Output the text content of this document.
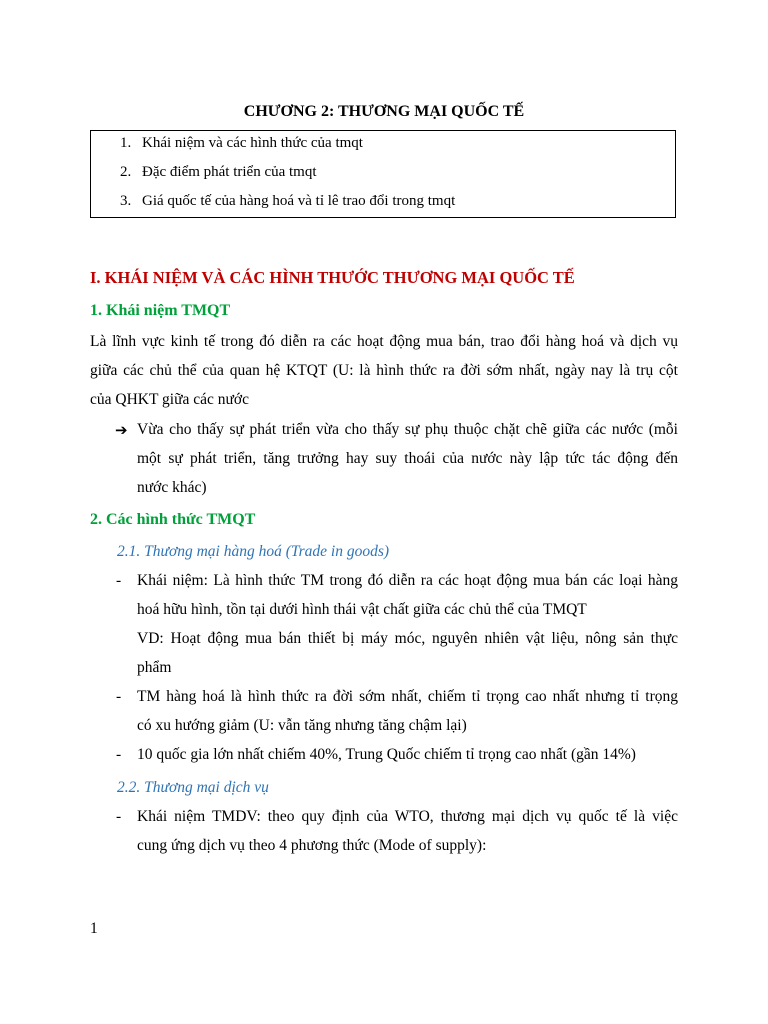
CHƯƠNG 2: THƯƠNG MẠI QUỐC TẾ
1. Khái niệm và các hình thức của tmqt
2. Đặc điểm phát triển của tmqt
3. Giá quốc tế của hàng hoá và tỉ lê trao đổi trong tmqt
I. KHÁI NIỆM VÀ CÁC HÌNH THƯỚC THƯƠNG MẠI QUỐC TẾ
1. Khái niệm TMQT
Là lĩnh vực kinh tế trong đó diễn ra các hoạt động mua bán, trao đổi hàng hoá và dịch vụ
giữa các chủ thể của quan hệ KTQT (U: là hình thức ra đời sớm nhất, ngày nay là trụ cột
của QHKT giữa các nước
➔ Vừa cho thấy sự phát triển vừa cho thấy sự phụ thuộc chặt chẽ giữa các nước (mỗi
một sự phát triển, tăng trưởng hay suy thoái của nước này lập tức tác động đến
nước khác)
2. Các hình thức TMQT
2.1. Thương mại hàng hoá (Trade in goods)
- Khái niệm: Là hình thức TM trong đó diễn ra các hoạt động mua bán các loại hàng
hoá hữu hình, tồn tại dưới hình thái vật chất giữa các chủ thể của TMQT
VD: Hoạt động mua bán thiết bị máy móc, nguyên nhiên vật liệu, nông sản thực
phẩm
- TM hàng hoá là hình thức ra đời sớm nhất, chiếm tỉ trọng cao nhất nhưng tỉ trọng
có xu hướng giảm (U: vẫn tăng nhưng tăng chậm lại)
- 10 quốc gia lớn nhất chiếm 40%, Trung Quốc chiếm tỉ trọng cao nhất (gần 14%)
2.2. Thương mại dịch vụ
- Khái niệm TMDV: theo quy định của WTO, thương mại dịch vụ quốc tế là việc
cung ứng dịch vụ theo 4 phương thức (Mode of supply):
1
